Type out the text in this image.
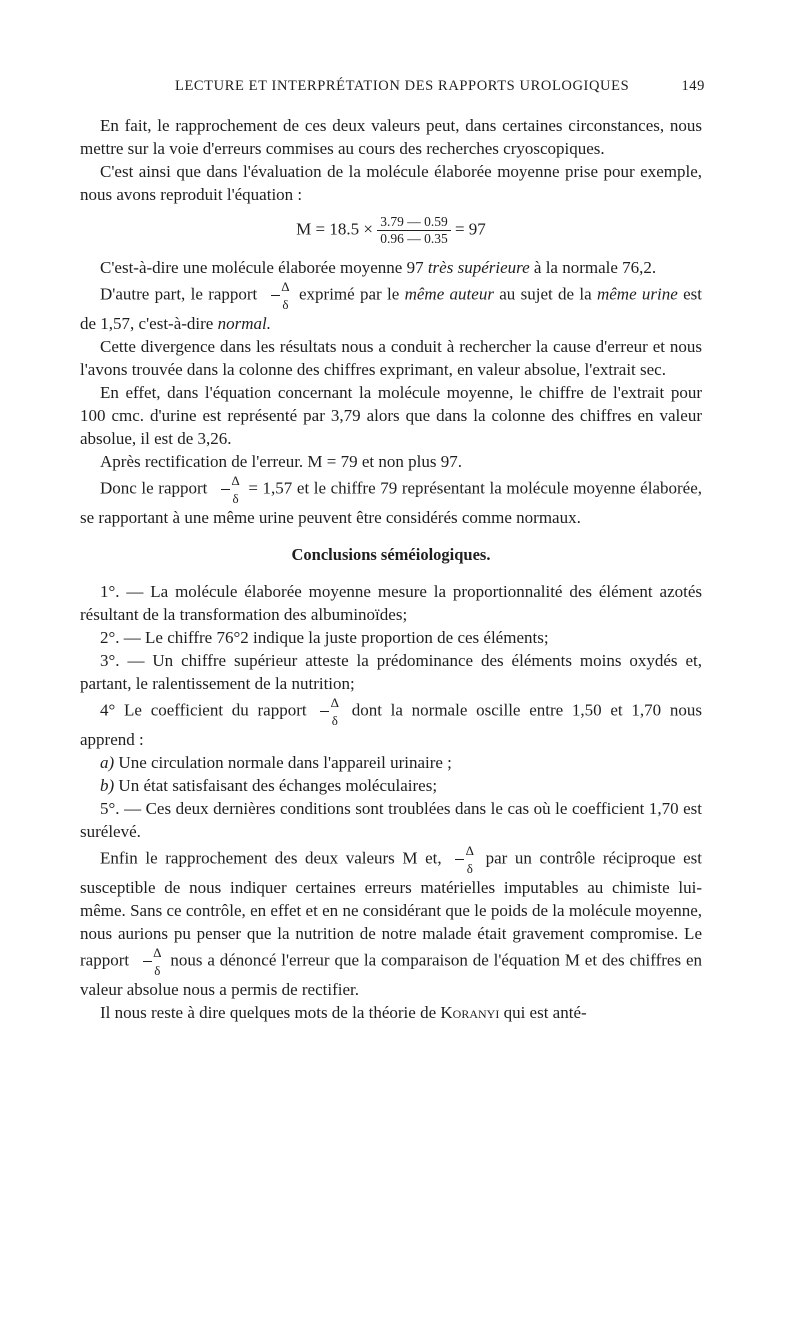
LECTURE ET INTERPRÉTATION DES RAPPORTS UROLOGIQUES	149

En fait, le rapprochement de ces deux valeurs peut, dans certaines circonstances, nous mettre sur la voie d'erreurs commises au cours des recherches cryoscopiques.

C'est ainsi que dans l'évaluation de la molécule élaborée moyenne prise pour exemple, nous avons reproduit l'équation :

$M = 18.5 \times \frac{3.79 — 0.59}{0.96 — 0.35} = 97$

C'est-à-dire une molécule élaborée moyenne 97 très supérieure à la normale 76,2.

D'autre part, le rapport $\frac{\Delta}{\delta}$ exprimé par le même auteur au sujet de la même urine est de 1,57, c'est-à-dire normal.

Cette divergence dans les résultats nous a conduit à rechercher la cause d'erreur et nous l'avons trouvée dans la colonne des chiffres exprimant, en valeur absolue, l'extrait sec.

En effet, dans l'équation concernant la molécule moyenne, le chiffre de l'extrait pour 100 cmc. d'urine est représenté par 3,79 alors que dans la colonne des chiffres en valeur absolue, il est de 3,26.

Après rectification de l'erreur. M = 79 et non plus 97.

Donc le rapport $\frac{\Delta}{\delta} = 1,57$ et le chiffre 79 représentant la molécule moyenne élaborée, se rapportant à une même urine peuvent être considérés comme normaux.

Conclusions séméiologiques.

1°. — La molécule élaborée moyenne mesure la proportionnalité des élément azotés résultant de la transformation des albuminoïdes;

2°. — Le chiffre 76°2 indique la juste proportion de ces éléments;

3°. — Un chiffre supérieur atteste la prédominance des éléments moins oxydés et, partant, le ralentissement de la nutrition;

4° Le coefficient du rapport $\frac{\Delta}{\delta}$ dont la normale oscille entre 1,50 et 1,70 nous apprend :

a) Une circulation normale dans l'appareil urinaire ;

b) Un état satisfaisant des échanges moléculaires;

5°. — Ces deux dernières conditions sont troublées dans le cas où le coefficient 1,70 est surélevé.

Enfin le rapprochement des deux valeurs M et, $\frac{\Delta}{\delta}$ par un contrôle réciproque est susceptible de nous indiquer certaines erreurs matérielles imputables au chimiste lui-même. Sans ce contrôle, en effet et en ne considérant que le poids de la molécule moyenne, nous aurions pu penser que la nutrition de notre malade était gravement compromise. Le rapport $\frac{\Delta}{\delta}$ nous a dénoncé l'erreur que la comparaison de l'équation M et des chiffres en valeur absolue nous a permis de rectifier.

Il nous reste à dire quelques mots de la théorie de Koranyi qui est anté-
